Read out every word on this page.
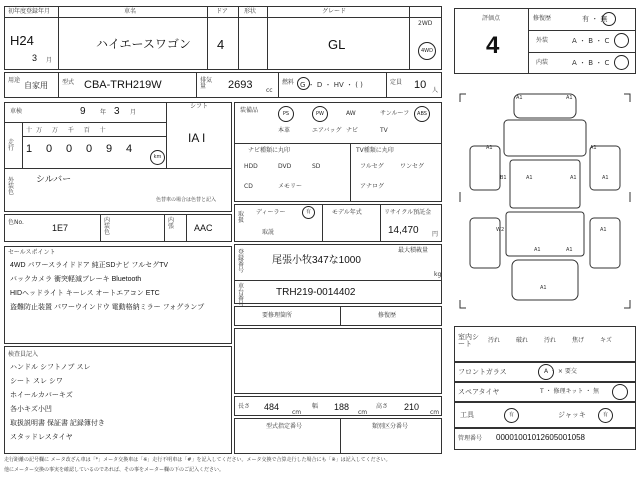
初年度登録年月
H24
3 月
車名
ハイエースワゴン
ドア
4
形状	グレード
GL
2WD
4WD
用途
自家用 型式 CBA-TRH219W	排気量	2693 cc
燃料 G ・ D ・ HV ・ ( )	定員 10 人
車検	9 年 3 月
シフト
IA I
走行
十万 万 千 百 十
1 0 0 0 9 4
km
外装色
シルバー
色替車の場合は色替と記入
色No.
1E7
内装色
内張 AAC
装備品	PS	PW	AW	サンルーフ	ABS
本革	エアバッグ ナビ	TV
ナビ種類に丸印	TV種類に丸印
HDD	DVD	SD
CD	メモリー
フルセグ	ワンセグ
アナログ
セールスポイント
4WD パワースライドドア 純正SDナビ フルセグTV
バックカメラ 衝突軽減ブレーキ Bluetooth
HIDヘッドライト キーレス オートエアコン ETC
盗難防止装置 パワーウインドウ 電動格納ミラー フォグランプ
取扱
ディーラー	有
取説
モデル年式	リサイクル預託金
14,470 円
登録番号
最大積載量
尾張小牧347な1000
kg
車台番号
TRH219-0014402
要修理箇所	修復歴
検査員記入
ハンドル シフトノブ スレ
シート スレ シワ
ホイールカバーキズ
各小キズ小凹
取扱説明書 保証書 記録簿付き
スタッドレスタイヤ
長さ 484
cm
幅 188
cm
高さ 210
cm
型式指定番号	類別区分番号
評価点
4
修復歴	有 ・ 無
外装	A ・ B ・ C
内装	A ・ B ・ C
A1	A1
A1	A1
B1	A1	A1	A1
W2
A1	A1
A1
A1
室内シート	汚れ	破れ	汚れ	焦げ	キズ
フロントガラス	A ・ × 要交
スペアタイヤ	T ・ 修理キット ・ 無
工具	有	ジャッキ	有
管理番号 00001001012605001058
走行距離の記号欄に メータ改ざん車は「*」メータ交換車は「※」走行不明車は「#」を記入してください。メータ交換で合算走行した場合にも「※」は記入してください。
他にメーター交換の事実を確認しているのであれば、その事をメーター欄の下のご記入ください。
